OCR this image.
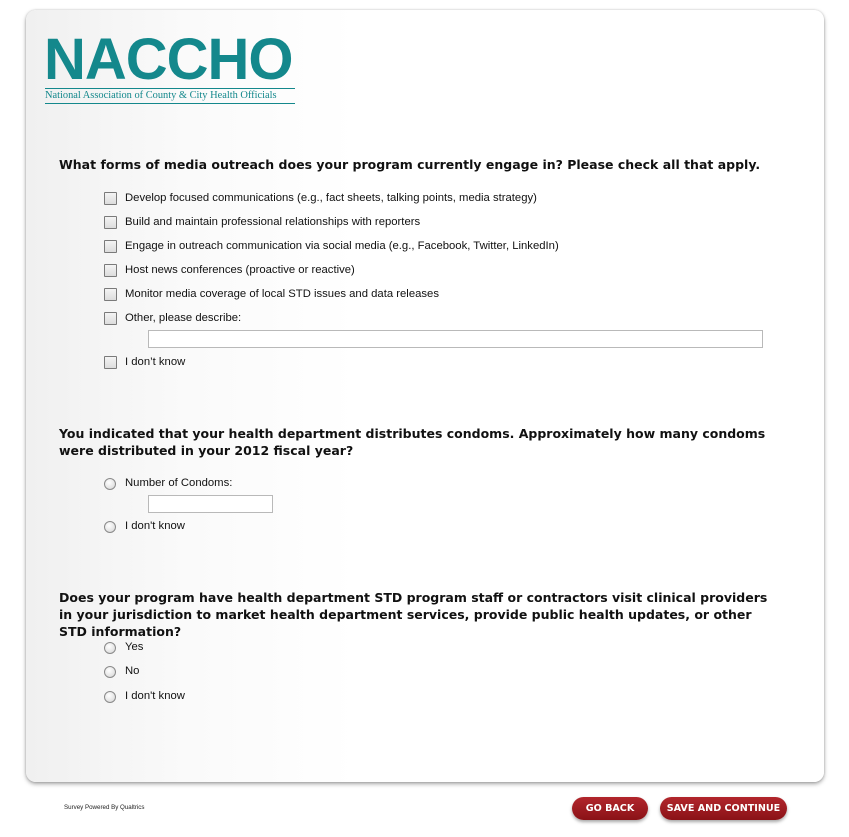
NACCHO
National Association of County & City Health Officials
What forms of media outreach does your program currently engage in? Please check all that apply.
Develop focused communications (e.g., fact sheets, talking points, media strategy)
Build and maintain professional relationships with reporters
Engage in outreach communication via social media (e.g., Facebook, Twitter, LinkedIn)
Host news conferences (proactive or reactive)
Monitor media coverage of local STD issues and data releases
Other, please describe:
I don’t know
You indicated that your health department distributes condoms. Approximately how many condoms were distributed in your 2012 fiscal year?
Number of Condoms:
I don't know
Does your program have health department STD program staff or contractors visit clinical providers in your jurisdiction to market health department services, provide public health updates, or other STD information?
Yes
No
I don't know
Survey Powered By Qualtrics	GO BACK	SAVE AND CONTINUE
